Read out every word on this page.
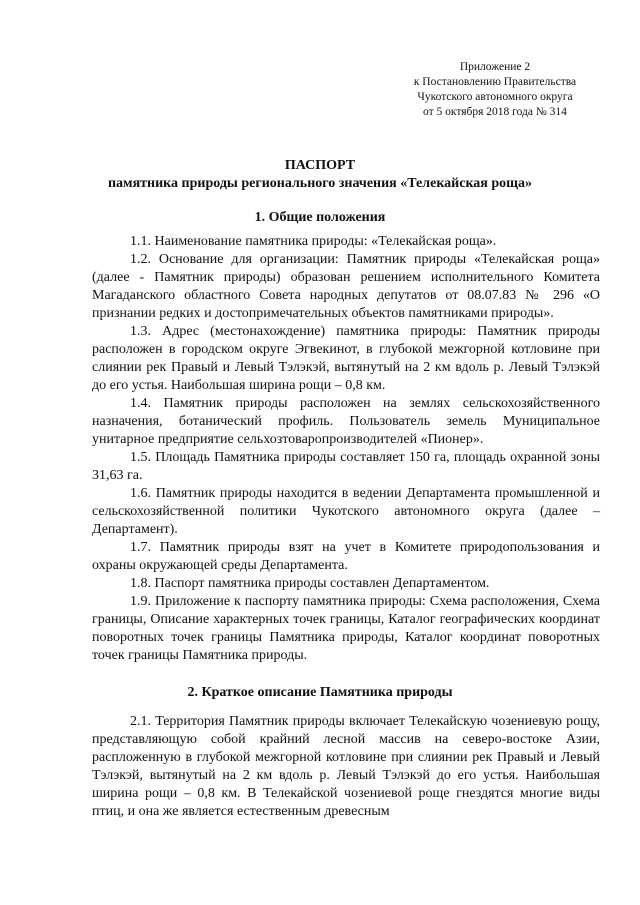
Приложение 2
к Постановлению Правительства
Чукотского автономного округа
от 5 октября 2018 года № 314
ПАСПОРТ
памятника природы регионального значения «Телекайская роща»
1. Общие положения

1.1. Наименование памятника природы: «Телекайская роща».

1.2. Основание для организации: Памятник природы «Телекайская роща» (далее - Памятник природы) образован решением исполнительного Комитета Магаданского областного Совета народных депутатов от 08.07.83 № 296 «О признании редких и достопримечательных объектов памятниками природы».

1.3. Адрес (местонахождение) памятника природы: Памятник природы расположен в городском округе Эгвекинот, в глубокой межгорной котловине при слиянии рек Правый и Левый Тэлэкэй, вытянутый на 2 км вдоль р. Левый Тэлэкэй до его устья. Наибольшая ширина рощи – 0,8 км.

1.4. Памятник природы расположен на землях сельскохозяйственного назначения, ботанический профиль. Пользователь земель Муниципальное унитарное предприятие сельхозтоваропроизводителей «Пионер».

1.5. Площадь Памятника природы составляет 150 га, площадь охранной зоны 31,63 га.

1.6. Памятник природы находится в ведении Департамента промышленной и сельскохозяйственной политики Чукотского автономного округа (далее – Департамент).

1.7. Памятник природы взят на учет в Комитете природопользования и охраны окружающей среды Департамента.

1.8. Паспорт памятника природы составлен Департаментом.

1.9. Приложение к паспорту памятника природы: Схема расположения, Схема границы, Описание характерных точек границы, Каталог географических координат поворотных точек границы Памятника природы, Каталог координат поворотных точек границы Памятника природы.

2. Краткое описание Памятника природы

2.1. Территория Памятник природы включает Телекайскую чозениевую рощу, представляющую собой крайний лесной массив на северо-востоке Азии, распложенную в глубокой межгорной котловине при слиянии рек Правый и Левый Тэлэкэй, вытянутый на 2 км вдоль р. Левый Тэлэкэй до его устья. Наибольшая ширина рощи – 0,8 км. В Телекайской чозениевой роще гнездятся многие виды птиц, и она же является естественным древесным
